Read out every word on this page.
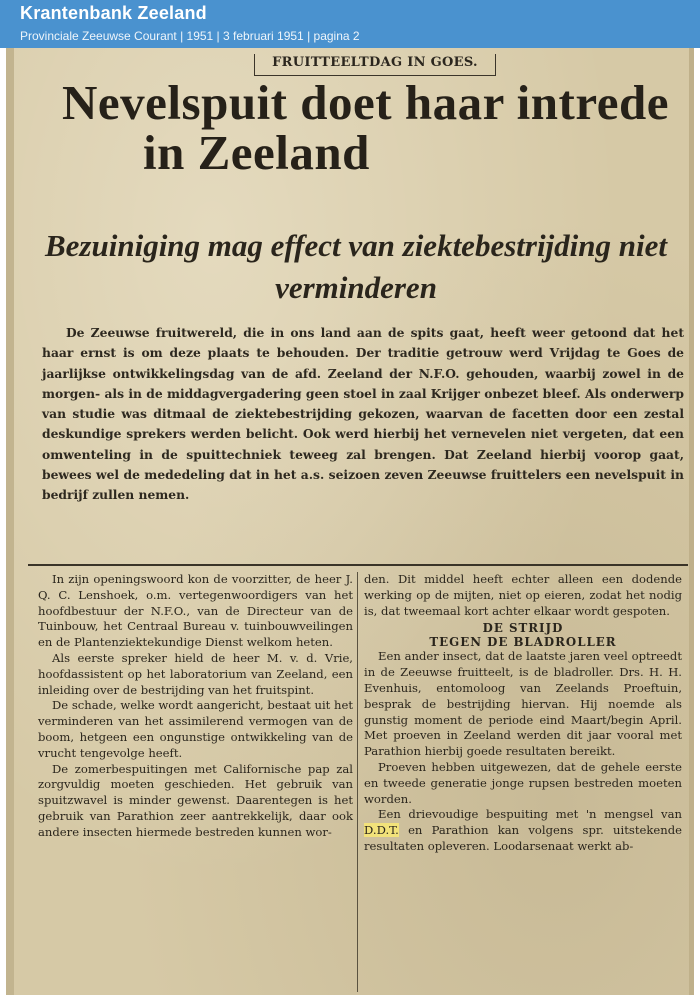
Krantenbank Zeeland
Provinciale Zeeuwse Courant | 1951 | 3 februari 1951 | pagina 2
FRUITTEELTDAG IN GOES.
Nevelspuit doet haar intrede
in Zeeland
Bezuiniging mag effect van ziektebestrijding niet verminderen
De Zeeuwse fruitwereld, die in ons land aan de spits gaat, heeft weer getoond dat het haar ernst is om deze plaats te behouden. Der traditie getrouw werd Vrijdag te Goes de jaarlijkse ontwikkelingsdag van de afd. Zeeland der N.F.O. gehouden, waarbij zowel in de morgen- als in de middagvergadering geen stoel in zaal Krijger onbezet bleef. Als onderwerp van studie was ditmaal de ziektebestrijding gekozen, waarvan de facetten door een zestal deskundige sprekers werden belicht. Ook werd hierbij het vernevelen niet vergeten, dat een omwenteling in de spuittechniek teweeg zal brengen. Dat Zeeland hierbij voorop gaat, bewees wel de mededeling dat in het a.s. seizoen zeven Zeeuwse fruittelers een nevelspuit in bedrijf zullen nemen.

In zijn openingswoord kon de voorzitter, de heer J. Q. C. Lenshoek, o.m. vertegenwoordigers van het hoofdbestuur der N.F.O., van de Directeur van de Tuinbouw, het Centraal Bureau v. tuinbouwveilingen en de Plantenziektekundige Dienst welkom heten.

Als eerste spreker hield de heer M. v. d. Vrie, hoofdassistent op het laboratorium van Zeeland, een inleiding over de bestrijding van het fruitspint.

De schade, welke wordt aangericht, bestaat uit het verminderen van het assimilerend vermogen van de boom, hetgeen een ongunstige ontwikkeling van de vrucht tengevolge heeft.

De zomerbespuitingen met Californische pap zal zorgvuldig moeten geschieden. Het gebruik van spuitzwavel is minder gewenst. Daarentegen is het gebruik van Parathion zeer aantrekkelijk, daar ook andere insecten hiermede bestreden kunnen wor-

den. Dit middel heeft echter alleen een dodende werking op de mijten, niet op eieren, zodat het nodig is, dat tweemaal kort achter elkaar wordt gespoten.

DE STRIJD
TEGEN DE BLADROLLER

Een ander insect, dat de laatste jaren veel optreedt in de Zeeuwse fruitteelt, is de bladroller. Drs. H. H. Evenhuis, entomoloog van Zeelands Proeftuin, besprak de bestrijding hiervan. Hij noemde als gunstig moment de periode eind Maart/begin April. Met proeven in Zeeland werden dit jaar vooral met Parathion hierbij goede resultaten bereikt.

Proeven hebben uitgewezen, dat de gehele eerste en tweede generatie jonge rupsen bestreden moeten worden.

Een drievoudige bespuiting met 'n mengsel van D.D.T. en Parathion kan volgens spr. uitstekende resultaten opleveren. Loodarsenaat werkt ab-
